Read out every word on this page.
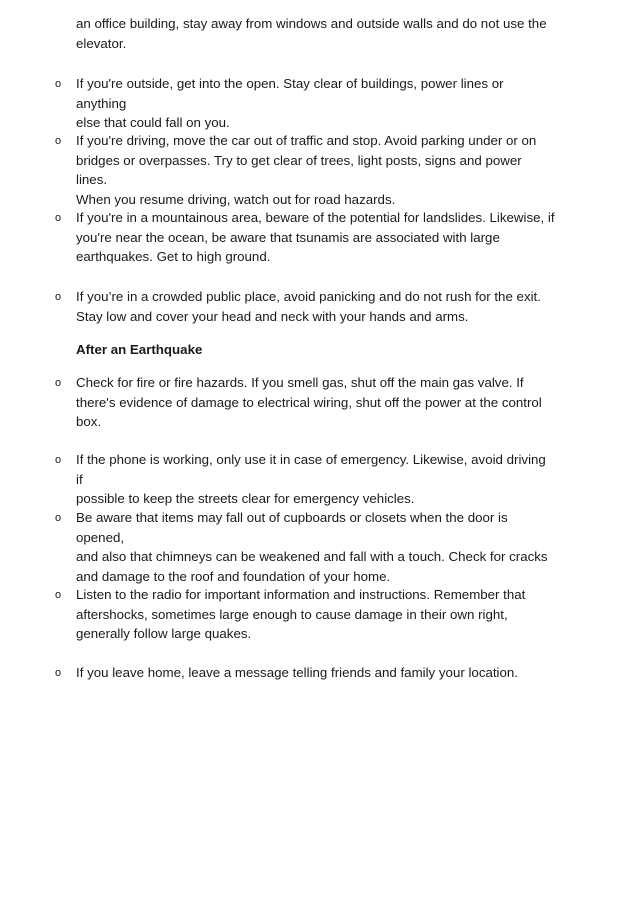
an office building, stay away from windows and outside walls and do not use the
elevator.

o If you're outside, get into the open. Stay clear of buildings, power lines or anything
else that could fall on you.

o If you're driving, move the car out of traffic and stop. Avoid parking under or on
bridges or overpasses. Try to get clear of trees, light posts, signs and power lines.
When you resume driving, watch out for road hazards.

o If you're in a mountainous area, beware of the potential for landslides. Likewise, if
you're near the ocean, be aware that tsunamis are associated with large
earthquakes. Get to high ground.

o If you’re in a crowded public place, avoid panicking and do not rush for the exit.
Stay low and cover your head and neck with your hands and arms.

After an Earthquake

o Check for fire or fire hazards. If you smell gas, shut off the main gas valve. If
there's evidence of damage to electrical wiring, shut off the power at the control
box.

o If the phone is working, only use it in case of emergency. Likewise, avoid driving if
possible to keep the streets clear for emergency vehicles.

o Be aware that items may fall out of cupboards or closets when the door is opened,
and also that chimneys can be weakened and fall with a touch. Check for cracks
and damage to the roof and foundation of your home.

o Listen to the radio for important information and instructions. Remember that
aftershocks, sometimes large enough to cause damage in their own right,
generally follow large quakes.

o If you leave home, leave a message telling friends and family your location.
